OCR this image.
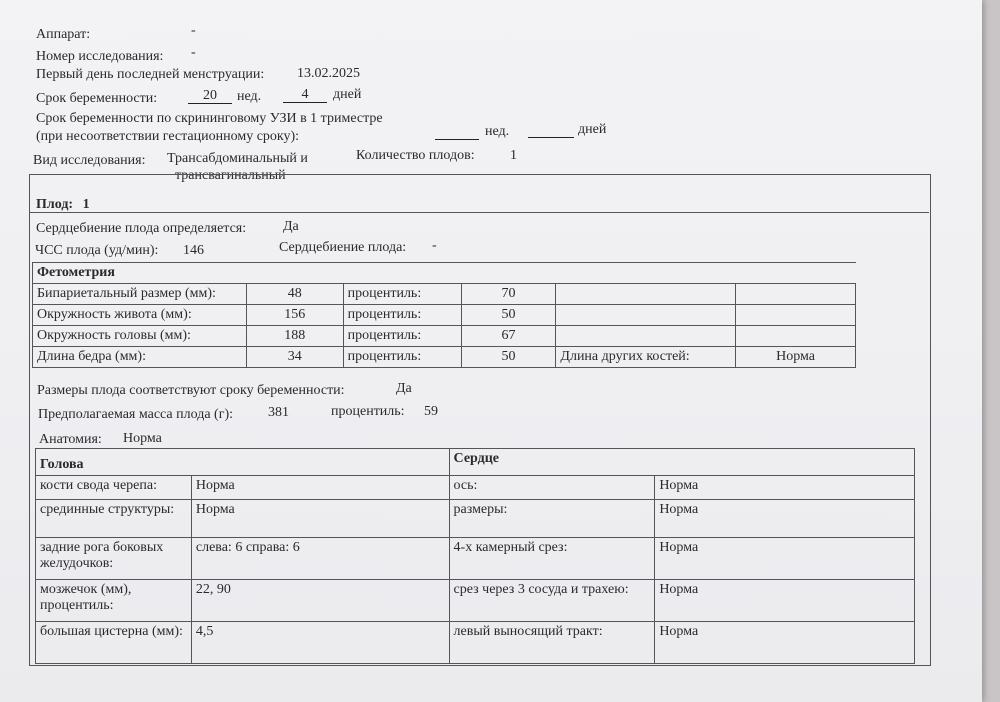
Аппарат:	-
Номер исследования: -
Первый день последней менструации: 13.02.2025
Срок беременности:	20	нед.	4	дней
Срок беременности по скрининговому УЗИ в 1 триместре
(при несоответствии гестационному сроку):	нед.	дней
Вид исследования: Трансабдоминальный и
трансвагинальный
Количество плодов:	1
Плод: 1
Сердцебиение плода определяется:	Да
ЧСС плода (уд/мин): 146	Сердцебиение плода: -
Фетометрия					
Бипариетальный размер (мм):	48	процентиль:	70		
Окружность живота (мм):	156	процентиль:	50		
Окружность головы (мм):	188	процентиль:	67		
Длина бедра (мм):	34	процентиль:	50	Длина других костей:	Норма
Размеры плода соответствуют сроку беременности:	Да
Предполагаемая масса плода (г): 381	процентиль: 59
Анатомия: Норма
Голова		Сердце	
кости свода черепа:	Норма	ось:	Норма
срединные структуры:	Норма	размеры:	Норма
задние рога боковых желудочков:	слева: 6 справа: 6	4-х камерный срез:	Норма
мозжечок (мм), процентиль:	22, 90	срез через 3 сосуда и трахею:	Норма
большая цистерна (мм):	4,5	левый выносящий тракт:	Норма
